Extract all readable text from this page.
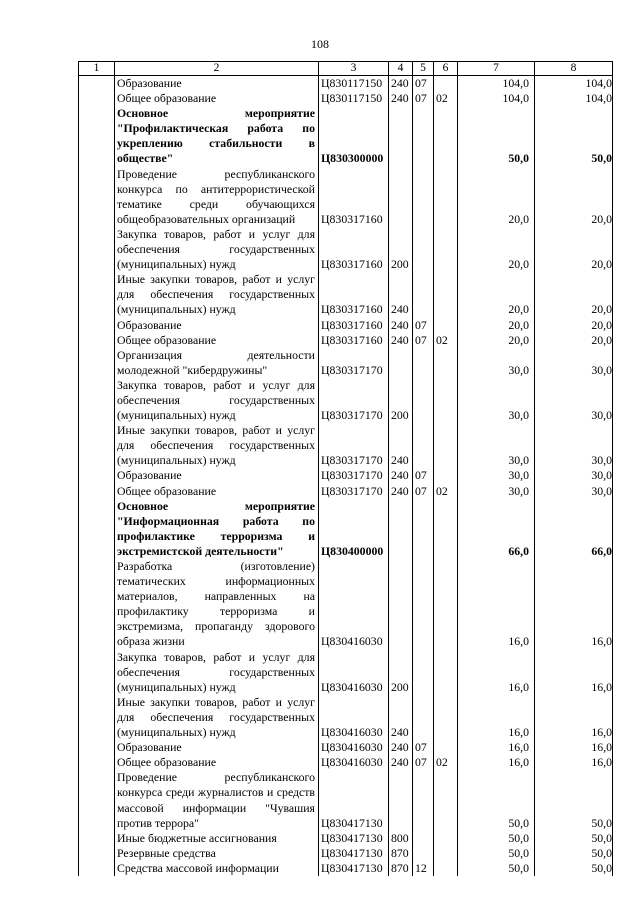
108
1	2	3	4	5	6	7	8
	Образование	Ц830117150	240	07		104,0	104,0
	Общее образование	Ц830117150	240	07	02	104,0	104,0
	Основное мероприятие "Профилактическая работа по укреплению стабильности в обществе"	Ц830300000				50,0	50,0
	Проведение республиканского конкурса по антитеррористической тематике среди обучающихся общеобразовательных организаций	Ц830317160				20,0	20,0
	Закупка товаров, работ и услуг для обеспечения государственных (муниципальных) нужд	Ц830317160	200			20,0	20,0
	Иные закупки товаров, работ и услуг для обеспечения государственных (муниципальных) нужд	Ц830317160	240			20,0	20,0
	Образование	Ц830317160	240	07		20,0	20,0
	Общее образование	Ц830317160	240	07	02	20,0	20,0
	Организация деятельности молодежной "кибердружины"	Ц830317170				30,0	30,0
	Закупка товаров, работ и услуг для обеспечения государственных (муниципальных) нужд	Ц830317170	200			30,0	30,0
	Иные закупки товаров, работ и услуг для обеспечения государственных (муниципальных) нужд	Ц830317170	240			30,0	30,0
	Образование	Ц830317170	240	07		30,0	30,0
	Общее образование	Ц830317170	240	07	02	30,0	30,0
	Основное мероприятие "Информационная работа по профилактике терроризма и экстремистской деятельности"	Ц830400000				66,0	66,0
	Разработка (изготовление) тематических информационных материалов, направленных на профилактику терроризма и экстремизма, пропаганду здорового образа жизни	Ц830416030				16,0	16,0
	Закупка товаров, работ и услуг для обеспечения государственных (муниципальных) нужд	Ц830416030	200			16,0	16,0
	Иные закупки товаров, работ и услуг для обеспечения государственных (муниципальных) нужд	Ц830416030	240			16,0	16,0
	Образование	Ц830416030	240	07		16,0	16,0
	Общее образование	Ц830416030	240	07	02	16,0	16,0
	Проведение республиканского конкурса среди журналистов и средств массовой информации "Чувашия против террора"	Ц830417130				50,0	50,0
	Иные бюджетные ассигнования	Ц830417130	800			50,0	50,0
	Резервные средства	Ц830417130	870			50,0	50,0
	Средства массовой информации	Ц830417130	870	12		50,0	50,0
